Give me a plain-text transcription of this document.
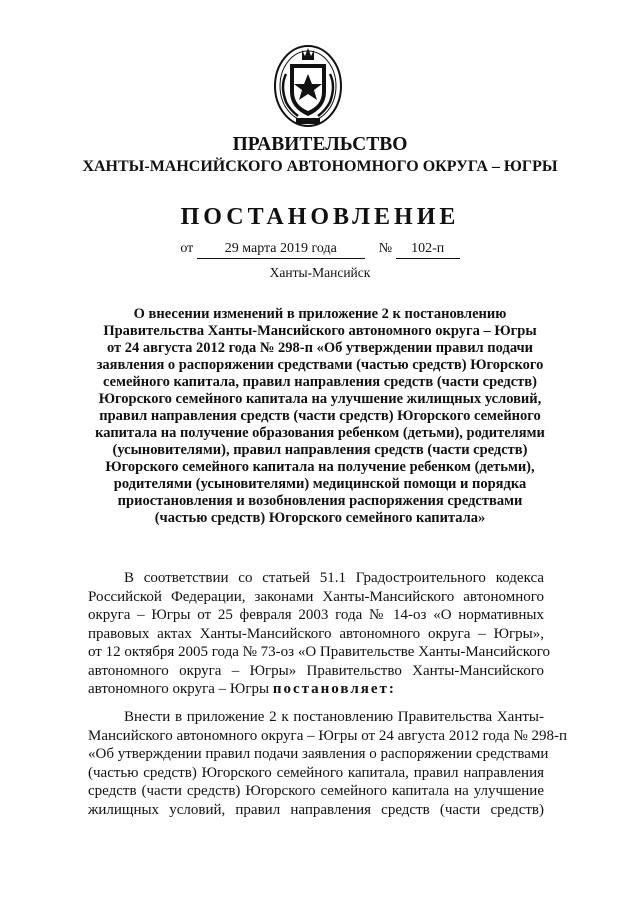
ПРАВИТЕЛЬСТВО
ХАНТЫ-МАНСИЙСКОГО АВТОНОМНОГО ОКРУГА – ЮГРЫ
ПОСТАНОВЛЕНИЕ
от 29 марта 2019 года	№ 102-п
Ханты-Мансийск
О внесении изменений в приложение 2 к постановлению
Правительства Ханты-Мансийского автономного округа – Югры
от 24 августа 2012 года № 298-п «Об утверждении правил подачи
заявления о распоряжении средствами (частью средств) Югорского
семейного капитала, правил направления средств (части средств)
Югорского семейного капитала на улучшение жилищных условий,
правил направления средств (части средств) Югорского семейного
капитала на получение образования ребенком (детьми), родителями
(усыновителями), правил направления средств (части средств)
Югорского семейного капитала на получение ребенком (детьми),
родителями (усыновителями) медицинской помощи и порядка
приостановления и возобновления распоряжения средствами
(частью средств) Югорского семейного капитала»
В соответствии со статьей 51.1 Градостроительного кодекса
Российской Федерации, законами Ханты-Мансийского автономного
округа – Югры от 25 февраля 2003 года № 14-оз «О нормативных
правовых актах Ханты-Мансийского автономного округа – Югры»,
от 12 октября 2005 года № 73-оз «О Правительстве Ханты-Мансийского
автономного округа – Югры» Правительство Ханты-Мансийского
автономного округа – Югры постановляет:
Внести в приложение 2 к постановлению Правительства Ханты-
Мансийского автономного округа – Югры от 24 августа 2012 года № 298-п
«Об утверждении правил подачи заявления о распоряжении средствами
(частью средств) Югорского семейного капитала, правил направления
средств (части средств) Югорского семейного капитала на улучшение
жилищных условий, правил направления средств (части средств)
